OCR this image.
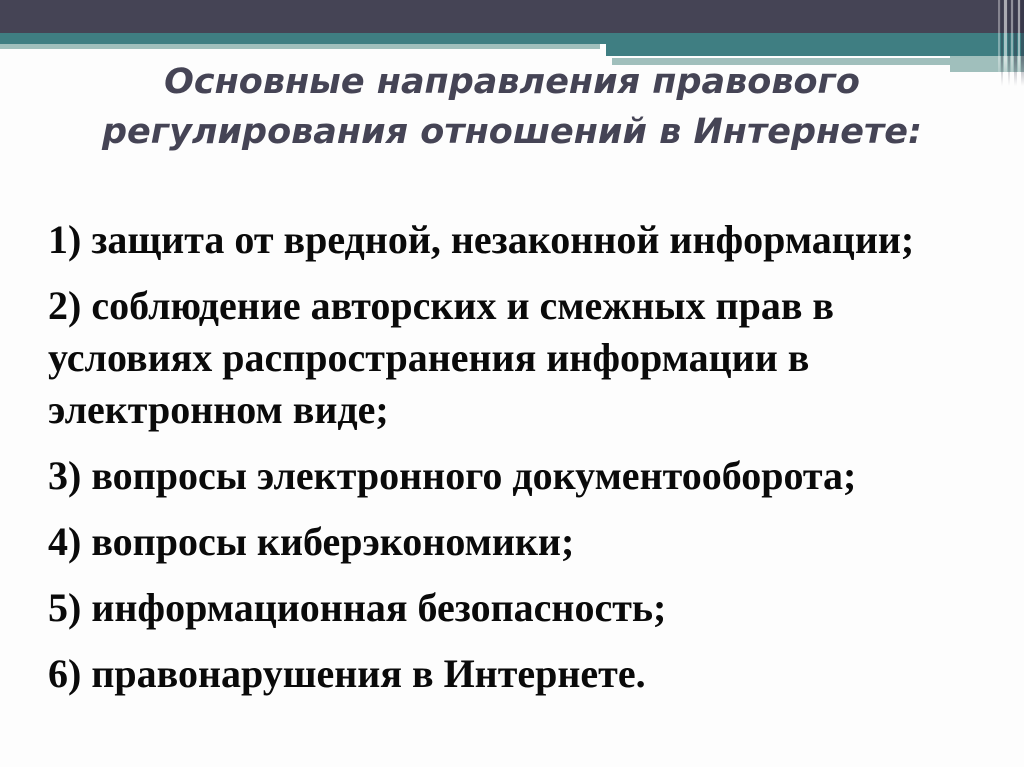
Основные направления правового
регулирования отношений в Интернете:

1) защита от вредной, незаконной информации;

2) соблюдение авторских и смежных прав в условиях распространения информации в электронном виде;

3) вопросы электронного документооборота;

4) вопросы киберэкономики;

5) информационная безопасность;

6) правонарушения в Интернете.
